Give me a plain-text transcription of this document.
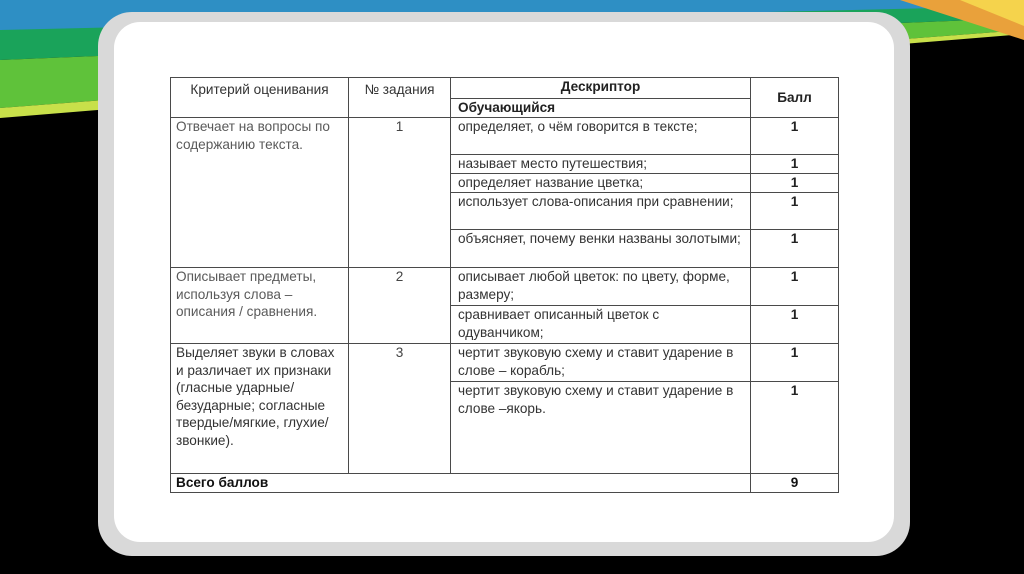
Критерий оценивания	№ задания	Дескриптор	Балл
		Обучающийся	
Отвечает на вопросы по содержанию текста.	1	определяет, о чём говорится в тексте;	1
		называет место путешествия;	1
		определяет название цветка;	1
		использует слова-описания при сравнении;	1
		объясняет, почему венки названы золотыми;	1
Описывает предметы, используя слова – описания / сравнения.	2	описывает любой цветок: по цвету, форме, размеру;	1
		сравнивает описанный цветок с одуванчиком;	1
Выделяет звуки в словах и различает их признаки (гласные ударные/безударные; согласные твердые/мягкие, глухие/звонкие).	3	чертит звуковую схему и ставит ударение в слове – корабль;	1
		чертит звуковую схему и ставит ударение в слове –якорь.	1
Всего баллов			9
